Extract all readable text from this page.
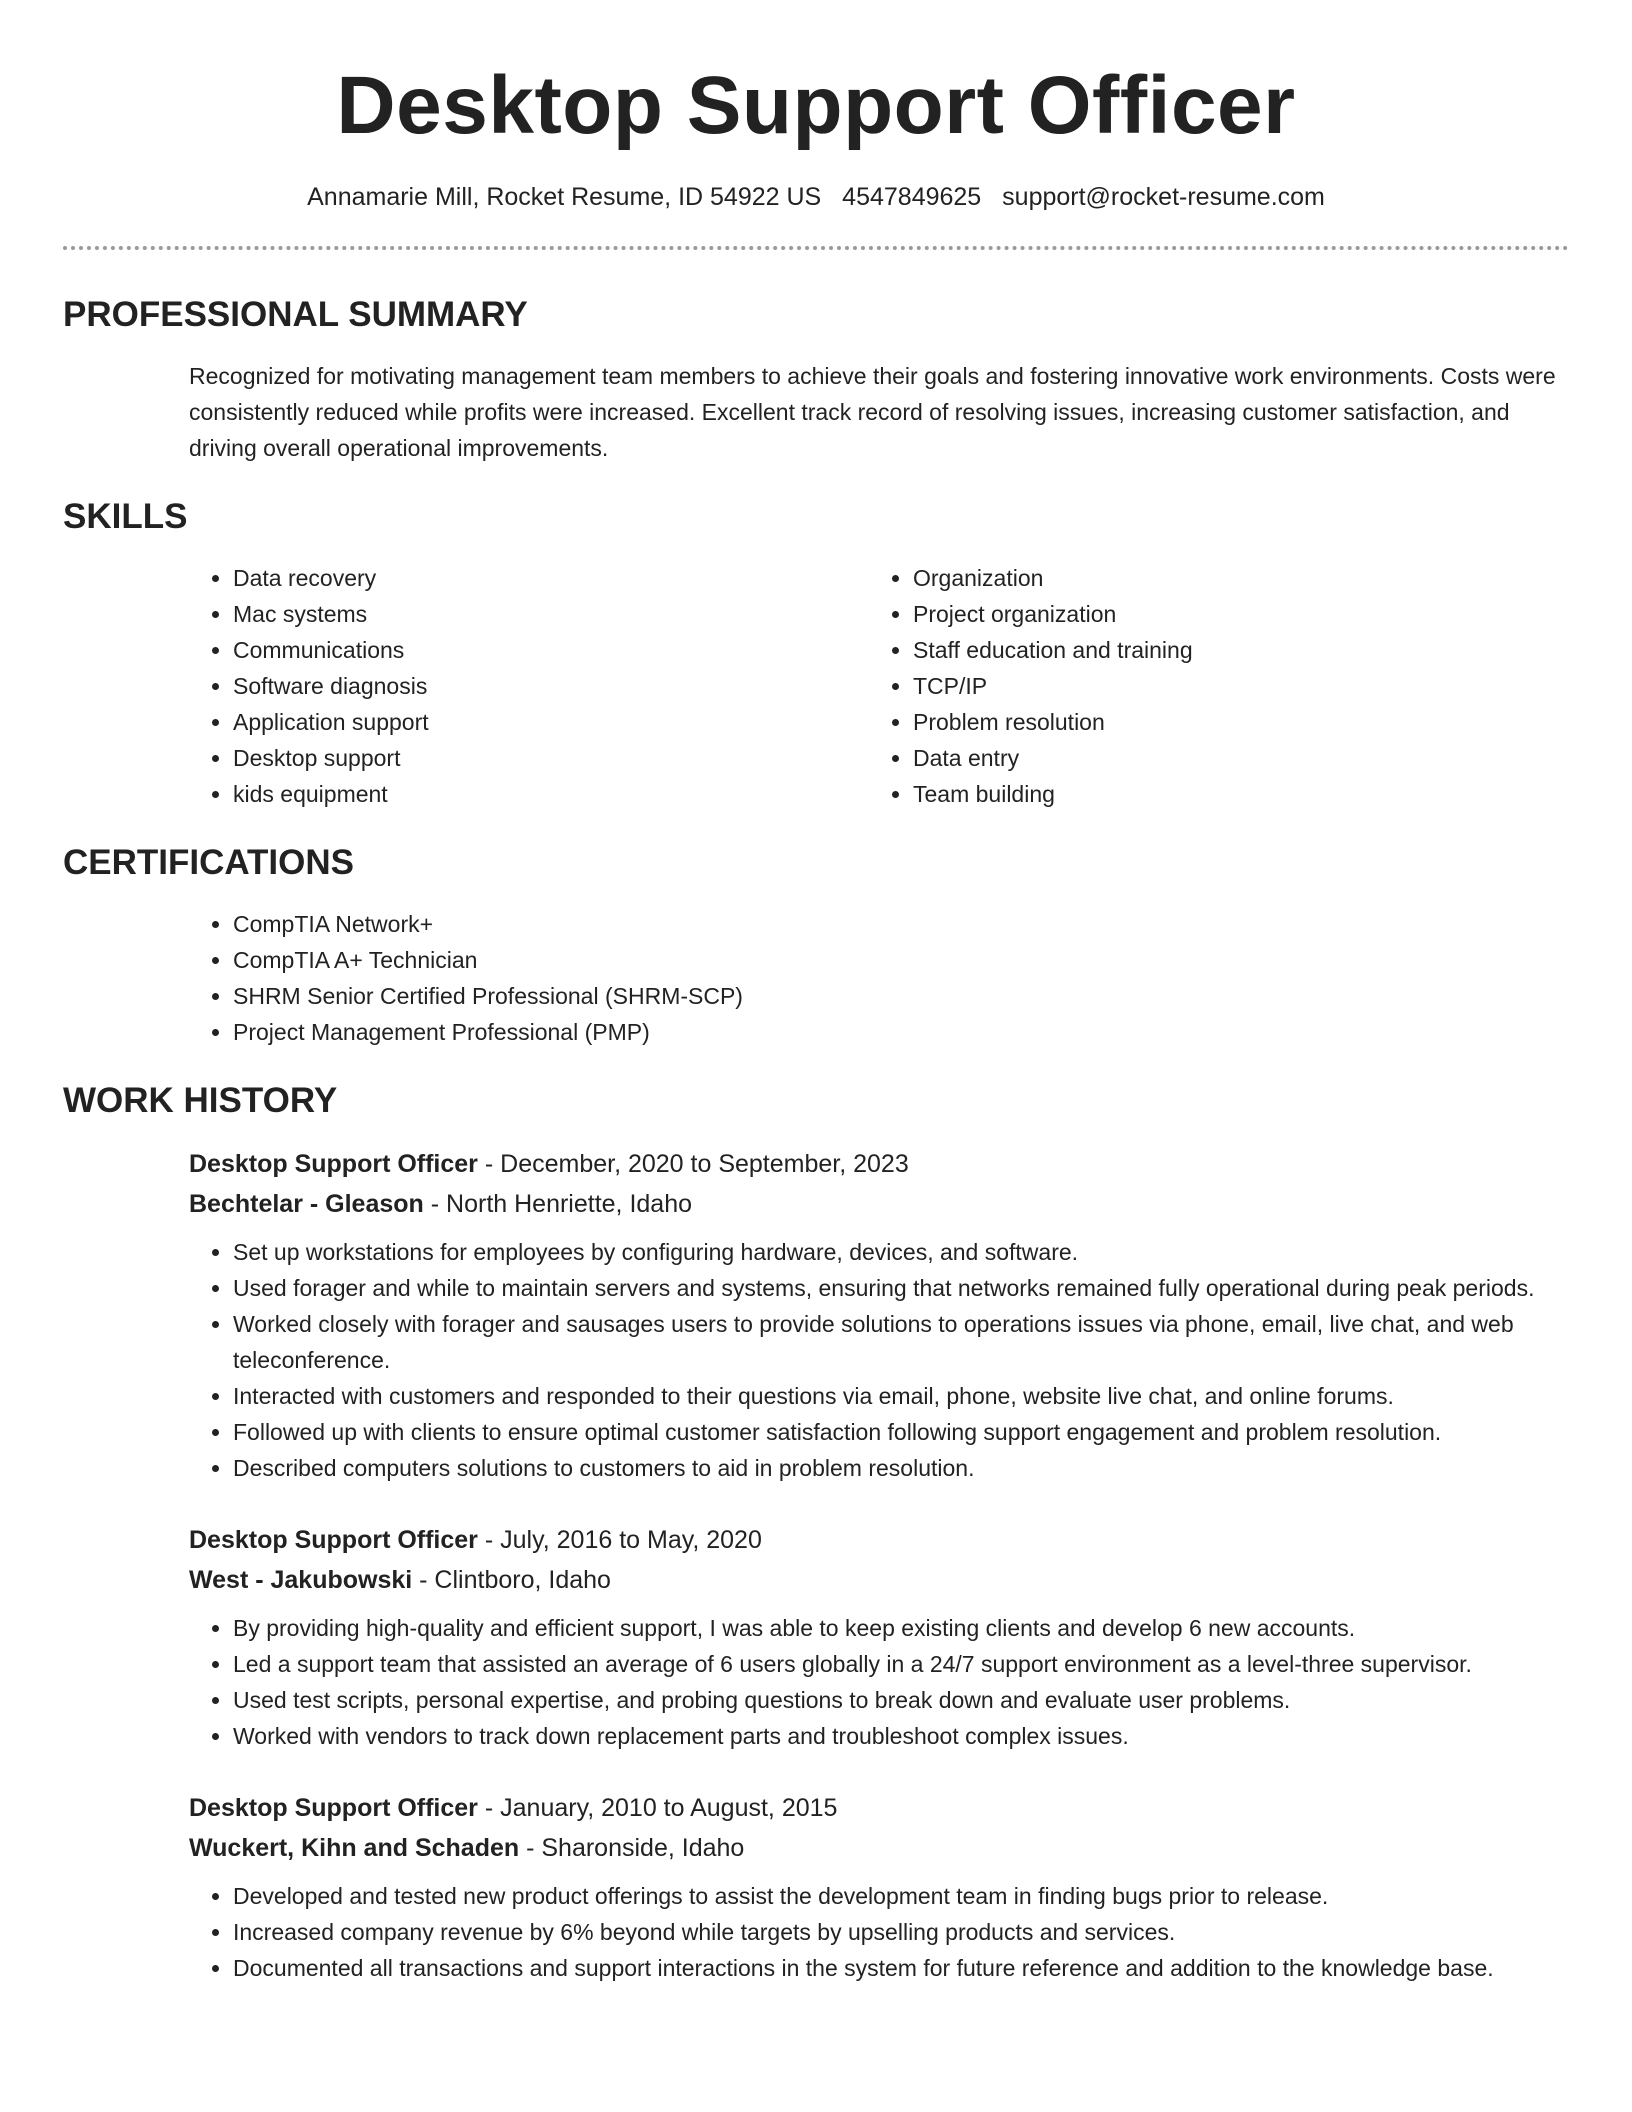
Desktop Support Officer
Annamarie Mill, Rocket Resume, ID 54922 US 4547849625 support@rocket-resume.com
PROFESSIONAL SUMMARY
Recognized for motivating management team members to achieve their goals and fostering innovative work environments. Costs were consistently reduced while profits were increased. Excellent track record of resolving issues, increasing customer satisfaction, and driving overall operational improvements.
SKILLS
• Data recovery
• Mac systems
• Communications
• Software diagnosis
• Application support
• Desktop support
• kids equipment
• Organization
• Project organization
• Staff education and training
• TCP/IP
• Problem resolution
• Data entry
• Team building
CERTIFICATIONS
• CompTIA Network+
• CompTIA A+ Technician
• SHRM Senior Certified Professional (SHRM-SCP)
• Project Management Professional (PMP)
WORK HISTORY
Desktop Support Officer - December, 2020 to September, 2023
Bechtelar - Gleason - North Henriette, Idaho
• Set up workstations for employees by configuring hardware, devices, and software.
• Used forager and while to maintain servers and systems, ensuring that networks remained fully operational during peak periods.
• Worked closely with forager and sausages users to provide solutions to operations issues via phone, email, live chat, and web teleconference.
• Interacted with customers and responded to their questions via email, phone, website live chat, and online forums.
• Followed up with clients to ensure optimal customer satisfaction following support engagement and problem resolution.
• Described computers solutions to customers to aid in problem resolution.
Desktop Support Officer - July, 2016 to May, 2020
West - Jakubowski - Clintboro, Idaho
• By providing high-quality and efficient support, I was able to keep existing clients and develop 6 new accounts.
• Led a support team that assisted an average of 6 users globally in a 24/7 support environment as a level-three supervisor.
• Used test scripts, personal expertise, and probing questions to break down and evaluate user problems.
• Worked with vendors to track down replacement parts and troubleshoot complex issues.
Desktop Support Officer - January, 2010 to August, 2015
Wuckert, Kihn and Schaden - Sharonside, Idaho
• Developed and tested new product offerings to assist the development team in finding bugs prior to release.
• Increased company revenue by 6% beyond while targets by upselling products and services.
• Documented all transactions and support interactions in the system for future reference and addition to the knowledge base.
